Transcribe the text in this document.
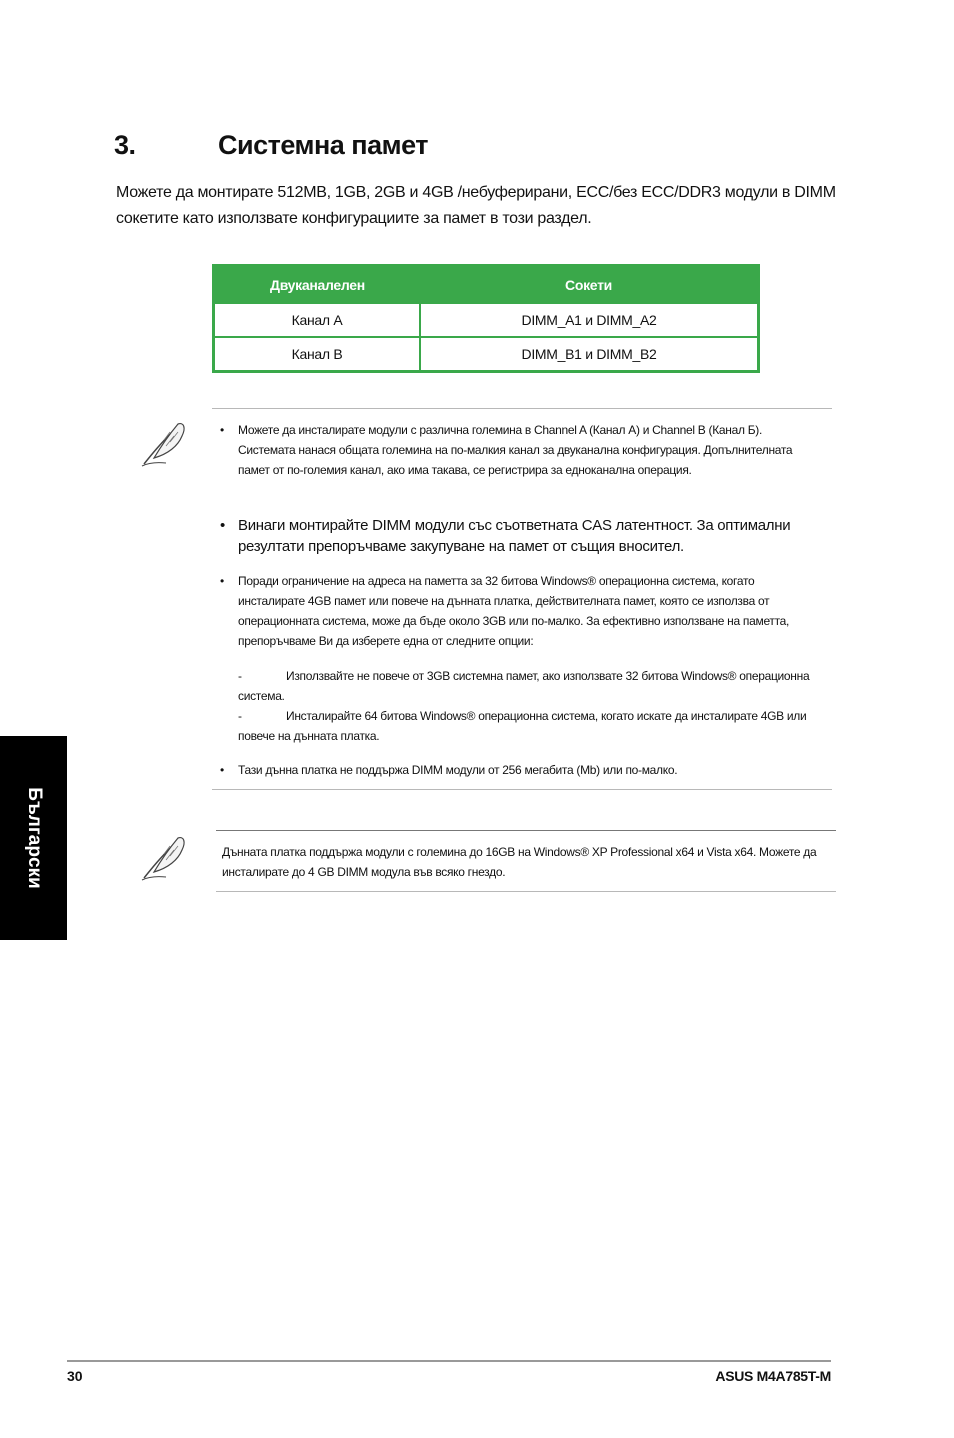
3.	Системна памет
Можете да монтирате 512MB, 1GB, 2GB и 4GB /небуферирани, ECC/без ECC/DDR3 модули в DIMM сокетите като използвате конфигурациите за памет в този раздел.
Двуканалелен	Сокети
Канал A	DIMM_A1 и DIMM_A2
Канал B	DIMM_B1 и DIMM_B2
• Можете да инсталирате модули с различна големина в Channel A (Канал A) и Channel B (Канал Б). Системата нанася общата големина на по-малкия канал за двуканална конфигурация. Допълнителната памет от по-големия канал, ако има такава, се регистрира за едноканална операция.
• Винаги монтирайте DIMM модули със съответната CAS латентност. За оптимални резултати препоръчваме закупуване на памет от същия вносител.
• Поради ограничение на адреса на паметта за 32 битова Windows® операционна система, когато инсталирате 4GB памет или повече на дънната платка, действителната памет, която се използва от операционната система, може да бъде около 3GB или по-малко. За ефективно използване на паметта, препоръчваме Ви да изберете една от следните опции:
-	Използвайте не повече от 3GB системна памет, ако използвате 32 битова Windows® операционна система.
-	Инсталирайте 64 битова Windows® операционна система, когато искате да инсталирате 4GB или повече на дънната платка.
• Тази дънна платка не поддържа DIMM модули от 256 мегабита (Mb) или по-малко.
Дънната платка поддържа модули с големина до 16GB на Windows® XP Professional x64 и Vista x64. Можете да инсталирате до 4 GB DIMM модула във всяко гнездо.
Български
30	ASUS M4A785T-M
